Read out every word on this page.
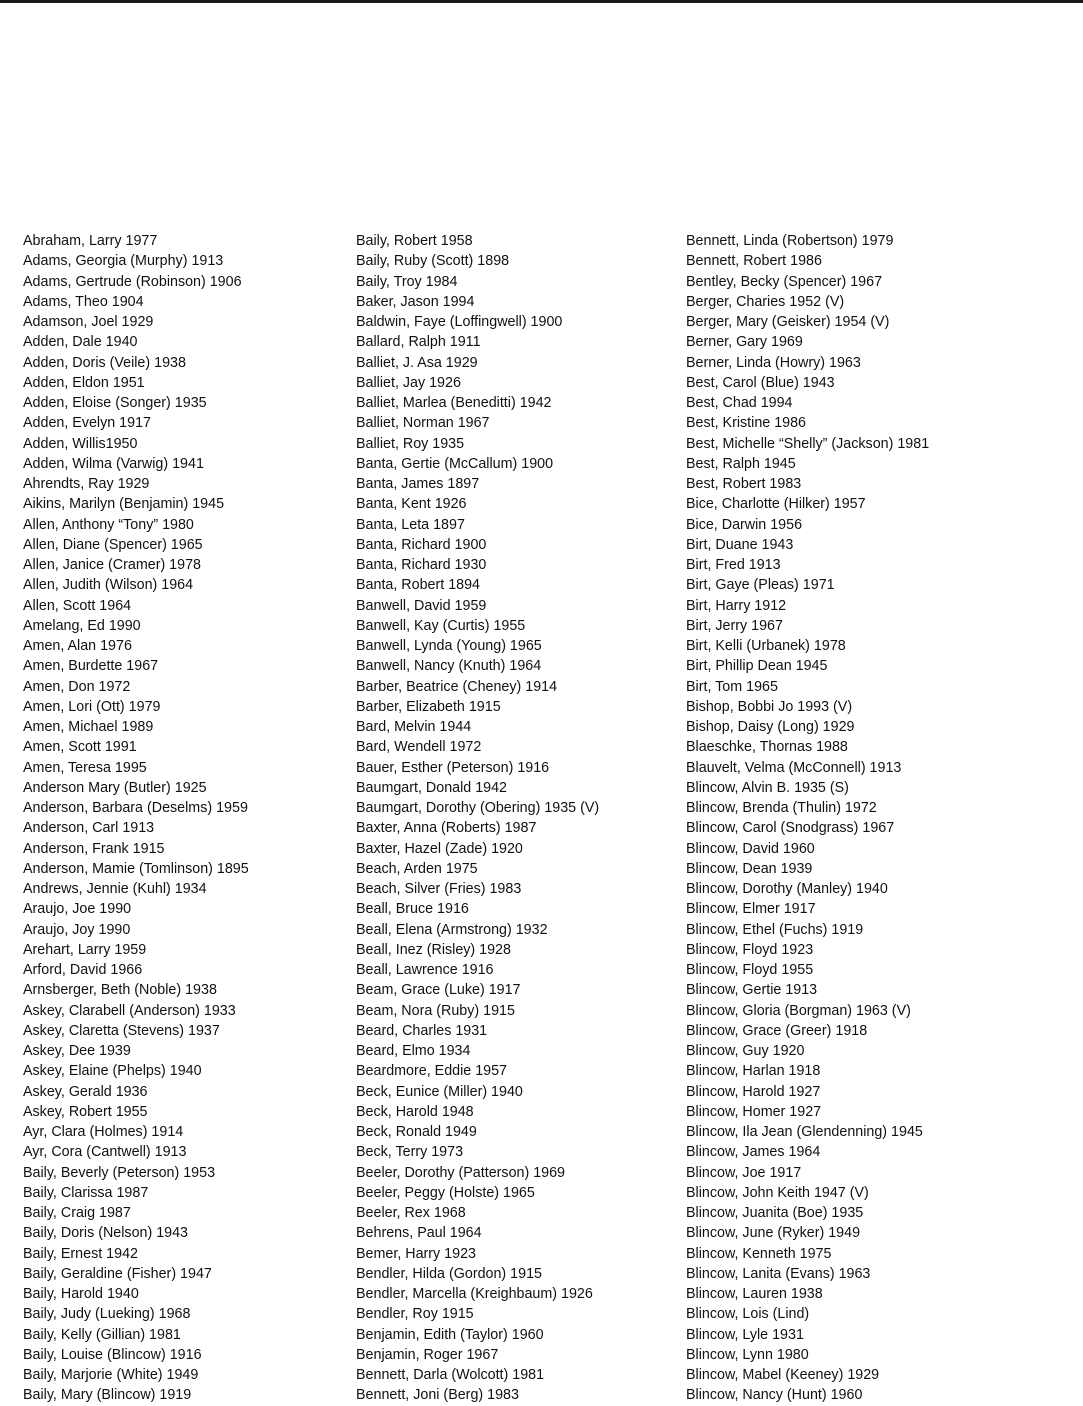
Abraham, Larry 1977
Adams, Georgia (Murphy) 1913
Adams, Gertrude (Robinson) 1906
Adams, Theo 1904
Adamson, Joel 1929
Adden, Dale 1940
Adden, Doris (Veile) 1938
Adden, Eldon 1951
Adden, Eloise (Songer) 1935
Adden, Evelyn 1917
Adden, Willis1950
Adden, Wilma (Varwig) 1941
Ahrendts, Ray 1929
Aikins, Marilyn (Benjamin) 1945
Allen, Anthony “Tony” 1980
Allen, Diane (Spencer) 1965
Allen, Janice (Cramer) 1978
Allen, Judith (Wilson) 1964
Allen, Scott 1964
Amelang, Ed 1990
Amen, Alan 1976
Amen, Burdette 1967
Amen, Don 1972
Amen, Lori (Ott) 1979
Amen, Michael 1989
Amen, Scott 1991
Amen, Teresa 1995
Anderson Mary (Butler) 1925
Anderson, Barbara (Deselms) 1959
Anderson, Carl 1913
Anderson, Frank 1915
Anderson, Mamie (Tomlinson) 1895
Andrews, Jennie (Kuhl) 1934
Araujo, Joe 1990
Araujo, Joy 1990
Arehart, Larry 1959
Arford, David 1966
Arnsberger, Beth (Noble) 1938
Askey, Clarabell (Anderson) 1933
Askey, Claretta (Stevens) 1937
Askey, Dee 1939
Askey, Elaine (Phelps) 1940
Askey, Gerald 1936
Askey, Robert 1955
Ayr, Clara (Holmes) 1914
Ayr, Cora (Cantwell) 1913
Baily, Beverly (Peterson) 1953
Baily, Clarissa 1987
Baily, Craig 1987
Baily, Doris (Nelson) 1943
Baily, Ernest 1942
Baily, Geraldine (Fisher) 1947
Baily, Harold 1940
Baily, Judy (Lueking) 1968
Baily, Kelly (Gillian) 1981
Baily, Louise (Blincow) 1916
Baily, Marjorie (White) 1949
Baily, Mary (Blincow) 1919
Baily, Robert 1958
Baily, Ruby (Scott) 1898
Baily, Troy 1984
Baker, Jason 1994
Baldwin, Faye (Loffingwell) 1900
Ballard, Ralph 1911
Balliet, J. Asa 1929
Balliet, Jay 1926
Balliet, Marlea (Beneditti) 1942
Balliet, Norman 1967
Balliet, Roy 1935
Banta, Gertie (McCallum) 1900
Banta, James 1897
Banta, Kent 1926
Banta, Leta 1897
Banta, Richard 1900
Banta, Richard 1930
Banta, Robert 1894
Banwell, David 1959
Banwell, Kay (Curtis) 1955
Banwell, Lynda (Young) 1965
Banwell, Nancy (Knuth) 1964
Barber, Beatrice (Cheney) 1914
Barber, Elizabeth 1915
Bard, Melvin 1944
Bard, Wendell 1972
Bauer, Esther (Peterson) 1916
Baumgart, Donald 1942
Baumgart, Dorothy (Obering) 1935 (V)
Baxter, Anna (Roberts) 1987
Baxter, Hazel (Zade) 1920
Beach, Arden 1975
Beach, Silver (Fries) 1983
Beall, Bruce 1916
Beall, Elena (Armstrong) 1932
Beall, Inez (Risley) 1928
Beall, Lawrence 1916
Beam, Grace (Luke) 1917
Beam, Nora (Ruby) 1915
Beard, Charles 1931
Beard, Elmo 1934
Beardmore, Eddie 1957
Beck, Eunice (Miller) 1940
Beck, Harold 1948
Beck, Ronald 1949
Beck, Terry 1973
Beeler, Dorothy (Patterson) 1969
Beeler, Peggy (Holste) 1965
Beeler, Rex 1968
Behrens, Paul 1964
Bemer, Harry 1923
Bendler, Hilda (Gordon) 1915
Bendler, Marcella (Kreighbaum) 1926
Bendler, Roy 1915
Benjamin, Edith (Taylor) 1960
Benjamin, Roger 1967
Bennett, Darla (Wolcott) 1981
Bennett, Joni (Berg) 1983
Bennett, Linda (Robertson) 1979
Bennett, Robert 1986
Bentley, Becky (Spencer) 1967
Berger, Charies 1952 (V)
Berger, Mary (Geisker) 1954 (V)
Berner, Gary 1969
Berner, Linda (Howry) 1963
Best, Carol (Blue) 1943
Best, Chad 1994
Best, Kristine 1986
Best, Michelle “Shelly” (Jackson) 1981
Best, Ralph 1945
Best, Robert 1983
Bice, Charlotte (Hilker) 1957
Bice, Darwin 1956
Birt, Duane 1943
Birt, Fred 1913
Birt, Gaye (Pleas) 1971
Birt, Harry 1912
Birt, Jerry 1967
Birt, Kelli (Urbanek) 1978
Birt, Phillip Dean 1945
Birt, Tom 1965
Bishop, Bobbi Jo 1993 (V)
Bishop, Daisy (Long) 1929
Blaeschke, Thornas 1988
Blauvelt, Velma (McConnell) 1913
Blincow, Alvin B. 1935 (S)
Blincow, Brenda (Thulin) 1972
Blincow, Carol (Snodgrass) 1967
Blincow, David 1960
Blincow, Dean 1939
Blincow, Dorothy (Manley) 1940
Blincow, Elmer 1917
Blincow, Ethel (Fuchs) 1919
Blincow, Floyd 1923
Blincow, Floyd 1955
Blincow, Gertie 1913
Blincow, Gloria (Borgman) 1963 (V)
Blincow, Grace (Greer) 1918
Blincow, Guy 1920
Blincow, Harlan 1918
Blincow, Harold 1927
Blincow, Homer 1927
Blincow, Ila Jean (Glendenning) 1945
Blincow, James 1964
Blincow, Joe 1917
Blincow, John Keith 1947 (V)
Blincow, Juanita (Boe) 1935
Blincow, June (Ryker) 1949
Blincow, Kenneth 1975
Blincow, Lanita (Evans) 1963
Blincow, Lauren 1938
Blincow, Lois (Lind)
Blincow, Lyle 1931
Blincow, Lynn 1980
Blincow, Mabel (Keeney) 1929
Blincow, Nancy (Hunt) 1960
